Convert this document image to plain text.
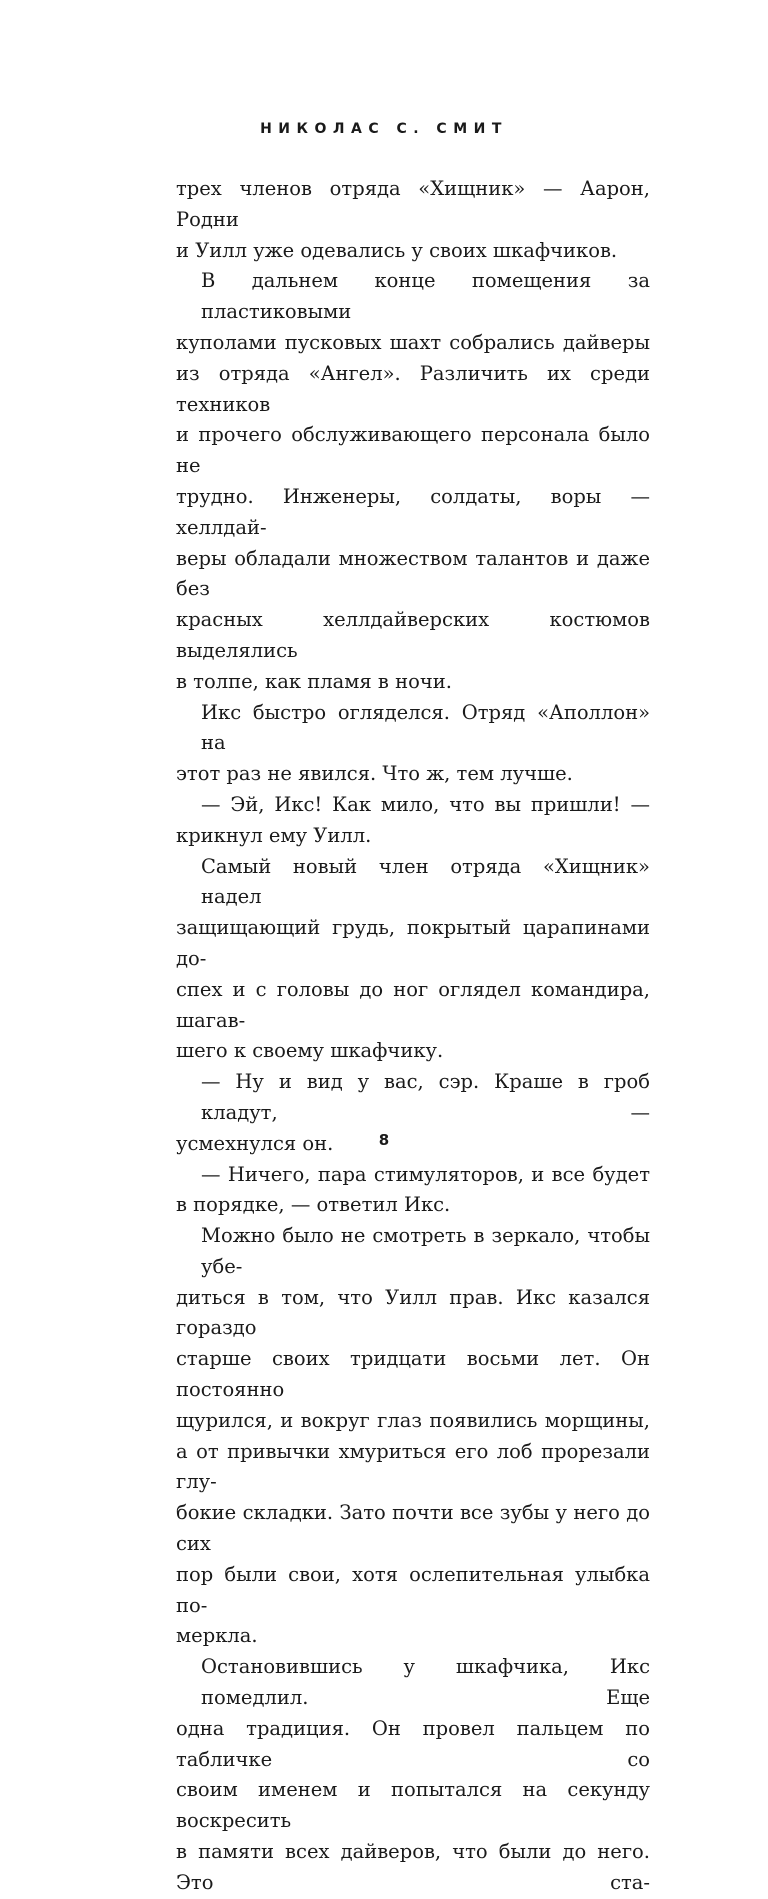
НИКОЛАС С. СМИТ

трех членов отряда «Хищник» — Аарон, Родни
и Уилл уже одевались у своих шкафчиков.

В дальнем конце помещения за пластиковыми
куполами пусковых шахт собрались дайверы
из отряда «Ангел». Различить их среди техников
и прочего обслуживающего персонала было не
трудно. Инженеры, солдаты, воры — хеллдай-
веры обладали множеством талантов и даже без
красных хеллдайверских костюмов выделялись
в толпе, как пламя в ночи.

Икс быстро огляделся. Отряд «Аполлон» на
этот раз не явился. Что ж, тем лучше.

— Эй, Икс! Как мило, что вы пришли! —
крикнул ему Уилл.

Самый новый член отряда «Хищник» надел
защищающий грудь, покрытый царапинами до-
спех и с головы до ног оглядел командира, шагав-
шего к своему шкафчику.

— Ну и вид у вас, сэр. Краше в гроб кладут, —
усмехнулся он.

— Ничего, пара стимуляторов, и все будет
в порядке, — ответил Икс.

Можно было не смотреть в зеркало, чтобы убе-
диться в том, что Уилл прав. Икс казался гораздо
старше своих тридцати восьми лет. Он постоянно
щурился, и вокруг глаз появились морщины,
а от привычки хмуриться его лоб прорезали глу-
бокие складки. Зато почти все зубы у него до сих
пор были свои, хотя ослепительная улыбка по-
меркла.

Остановившись у шкафчика, Икс помедлил. Еще
одна традиция. Он провел пальцем по табличке со
своим именем и попытался на секунду воскресить
в памяти всех дайверов, что были до него. Это ста-

8
